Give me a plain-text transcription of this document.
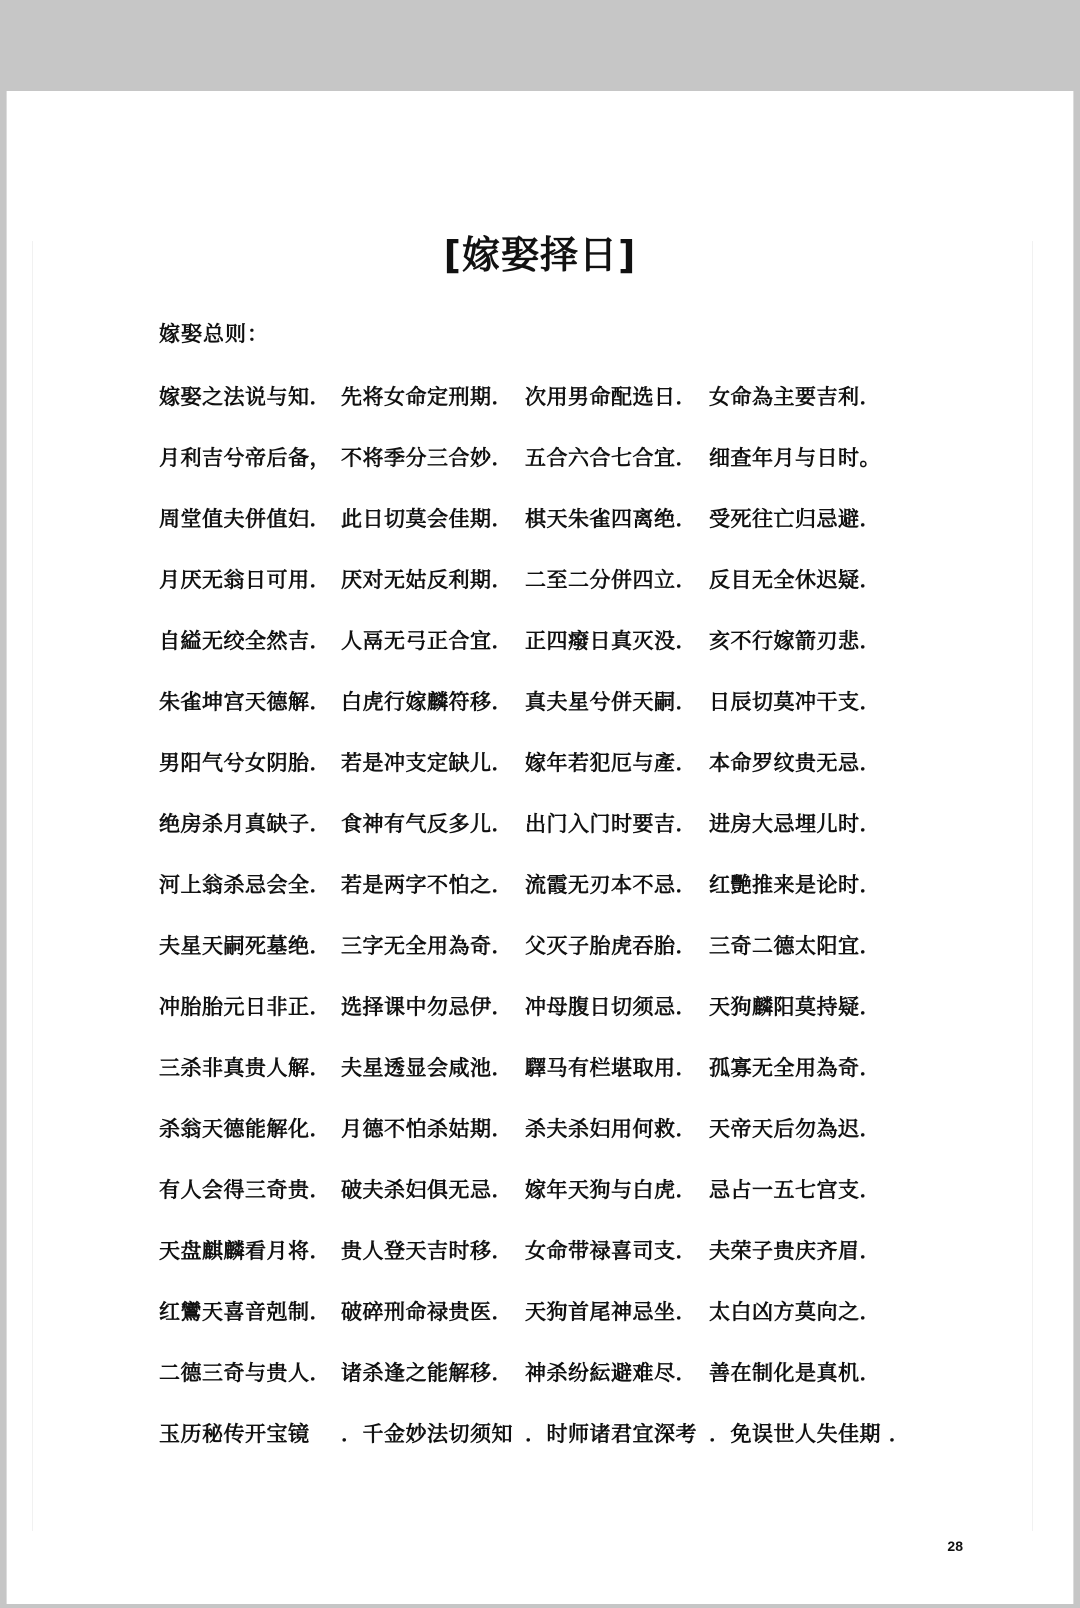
[嫁娶择日]
嫁娶总则：
嫁娶之法说与知． 先将女命定刑期． 次用男命配选日． 女命為主要吉利．
月利吉兮帝后备， 不将季分三合妙． 五合六合七合宜． 细查年月与日时。
周堂值夫併值妇． 此日切莫会佳期． 棋天朱雀四离绝． 受死往亡归忌避．
月厌无翁日可用． 厌对无姑反利期． 二至二分併四立． 反目无全休迟疑．
自縊无绞全然吉． 人鬲无弓正合宜． 正四癈日真灭没． 亥不行嫁箭刃悲．
朱雀坤宫天德解． 白虎行嫁麟符移． 真夫星兮併天嗣． 日辰切莫冲干支．
男阳气兮女阴胎． 若是冲支定缺儿． 嫁年若犯厄与產． 本命罗纹贵无忌．
绝房杀月真缺子． 食神有气反多儿． 出门入门时要吉． 进房大忌埋儿时．
河上翁杀忌会全． 若是两字不怕之． 流霞无刃本不忌． 红艷推来是论时．
夫星天嗣死墓绝． 三字无全用為奇． 父灭子胎虎吞胎． 三奇二德太阳宜．
冲胎胎元日非正． 选择课中勿忌伊． 冲母腹日切须忌． 天狗麟阳莫持疑．
三杀非真贵人解． 夫星透显会咸池． 驛马有栏堪取用． 孤寡无全用為奇．
杀翁天德能解化． 月德不怕杀姑期． 杀夫杀妇用何救． 天帝天后勿為迟．
有人会得三奇贵． 破夫杀妇俱无忌． 嫁年天狗与白虎． 忌占一五七宫支．
天盘麒麟看月将． 贵人登天吉时移． 女命带禄喜司支． 夫荣子贵庆齐眉．
红鸞天喜音剋制． 破碎刑命禄贵医． 天狗首尾神忌坐． 太白凶方莫向之．
二德三奇与贵人． 诸杀逢之能解移． 神杀纷紜避难尽． 善在制化是真机．
玉历秘传开宝镜	．千金妙法切须知 ．时师诸君宜深考 ．免误世人失佳期 ．
28
